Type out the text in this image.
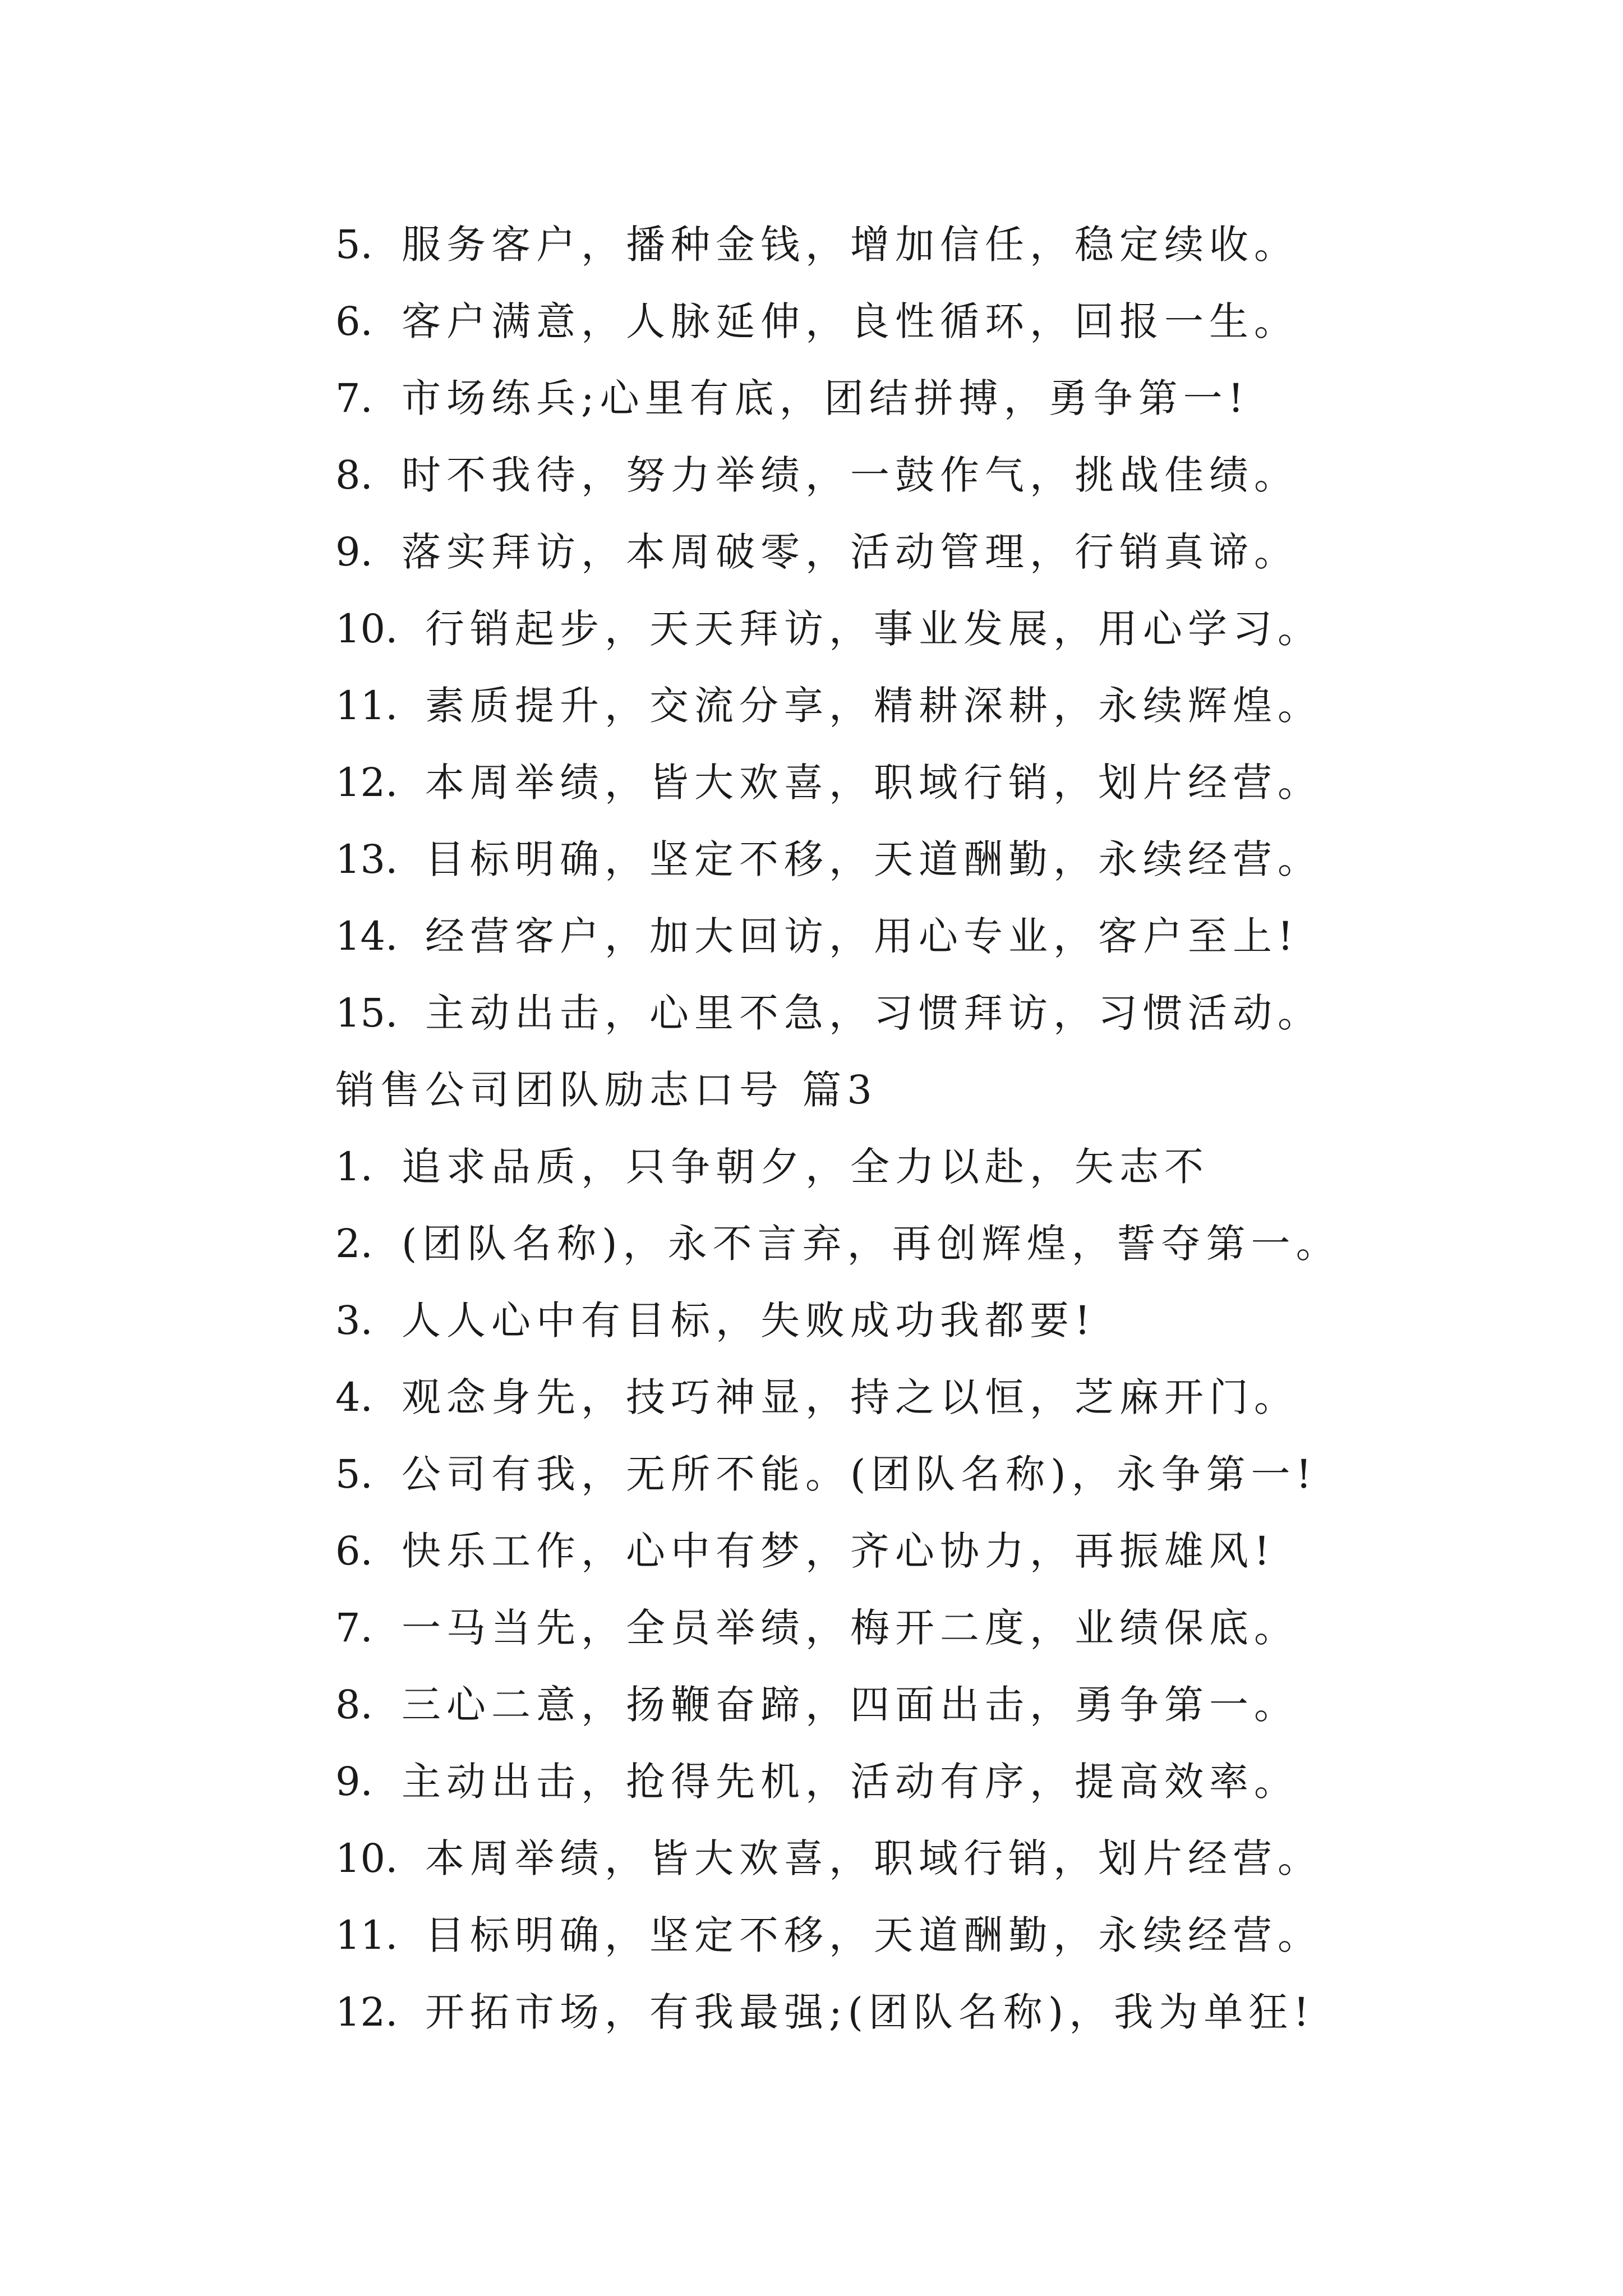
5. 服务客户，播种金钱，增加信任，稳定续收。
6. 客户满意，人脉延伸，良性循环，回报一生。
7. 市场练兵;心里有底，团结拼搏，勇争第一!
8. 时不我待，努力举绩，一鼓作气，挑战佳绩。
9. 落实拜访，本周破零，活动管理，行销真谛。
10. 行销起步，天天拜访，事业发展，用心学习。
11. 素质提升，交流分享，精耕深耕，永续辉煌。
12. 本周举绩，皆大欢喜，职域行销，划片经营。
13. 目标明确，坚定不移，天道酬勤，永续经营。
14. 经营客户，加大回访，用心专业，客户至上!
15. 主动出击，心里不急，习惯拜访，习惯活动。
销售公司团队励志口号 篇3
1. 追求品质，只争朝夕，全力以赴，矢志不
2. (团队名称)，永不言弃，再创辉煌，誓夺第一。
3. 人人心中有目标，失败成功我都要!
4. 观念身先，技巧神显，持之以恒，芝麻开门。
5. 公司有我，无所不能。(团队名称)，永争第一!
6. 快乐工作，心中有梦，齐心协力，再振雄风!
7. 一马当先，全员举绩，梅开二度，业绩保底。
8. 三心二意，扬鞭奋蹄，四面出击，勇争第一。
9. 主动出击，抢得先机，活动有序，提高效率。
10. 本周举绩，皆大欢喜，职域行销，划片经营。
11. 目标明确，坚定不移，天道酬勤，永续经营。
12. 开拓市场，有我最强;(团队名称)，我为单狂!
